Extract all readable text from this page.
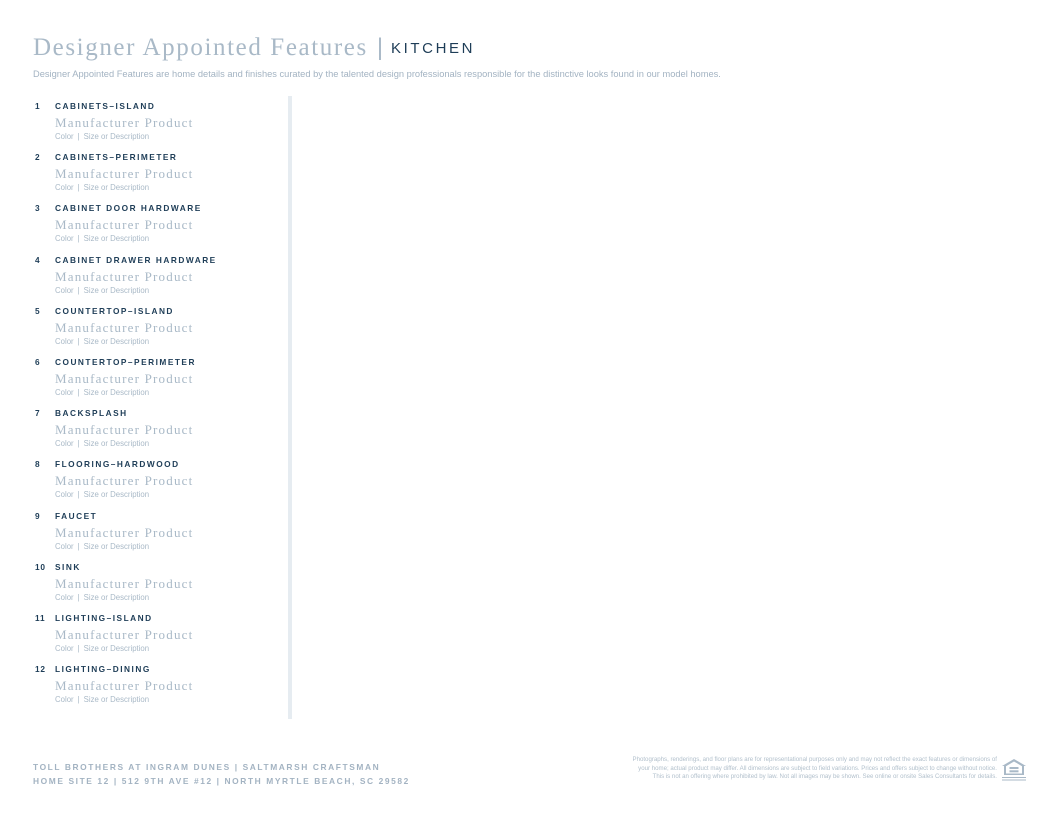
Designer Appointed Features | KITCHEN
Designer Appointed Features are home details and finishes curated by the talented design professionals responsible for the distinctive looks found in our model homes.
1 CABINETS–ISLAND
Manufacturer Product
Color | Size or Description
2 CABINETS–PERIMETER
Manufacturer Product
Color | Size or Description
3 CABINET DOOR HARDWARE
Manufacturer Product
Color | Size or Description
4 CABINET DRAWER HARDWARE
Manufacturer Product
Color | Size or Description
5 COUNTERTOP–ISLAND
Manufacturer Product
Color | Size or Description
6 COUNTERTOP–PERIMETER
Manufacturer Product
Color | Size or Description
7 BACKSPLASH
Manufacturer Product
Color | Size or Description
8 FLOORING–HARDWOOD
Manufacturer Product
Color | Size or Description
9 FAUCET
Manufacturer Product
Color | Size or Description
10 SINK
Manufacturer Product
Color | Size or Description
11 LIGHTING–ISLAND
Manufacturer Product
Color | Size or Description
12 LIGHTING–DINING
Manufacturer Product
Color | Size or Description
TOLL BROTHERS AT INGRAM DUNES | SALTMARSH CRAFTSMAN
HOME SITE 12 | 512 9TH AVE #12 | NORTH MYRTLE BEACH, SC 29582
Photographs, renderings, and floor plans are for representational purposes only and may not reflect the exact features or dimensions of
your home; actual product may differ. All dimensions are subject to field variations. Prices and offers subject to change without notice.
This is not an offering where prohibited by law. Not all images may be shown. See online or onsite Sales Consultants for details.
